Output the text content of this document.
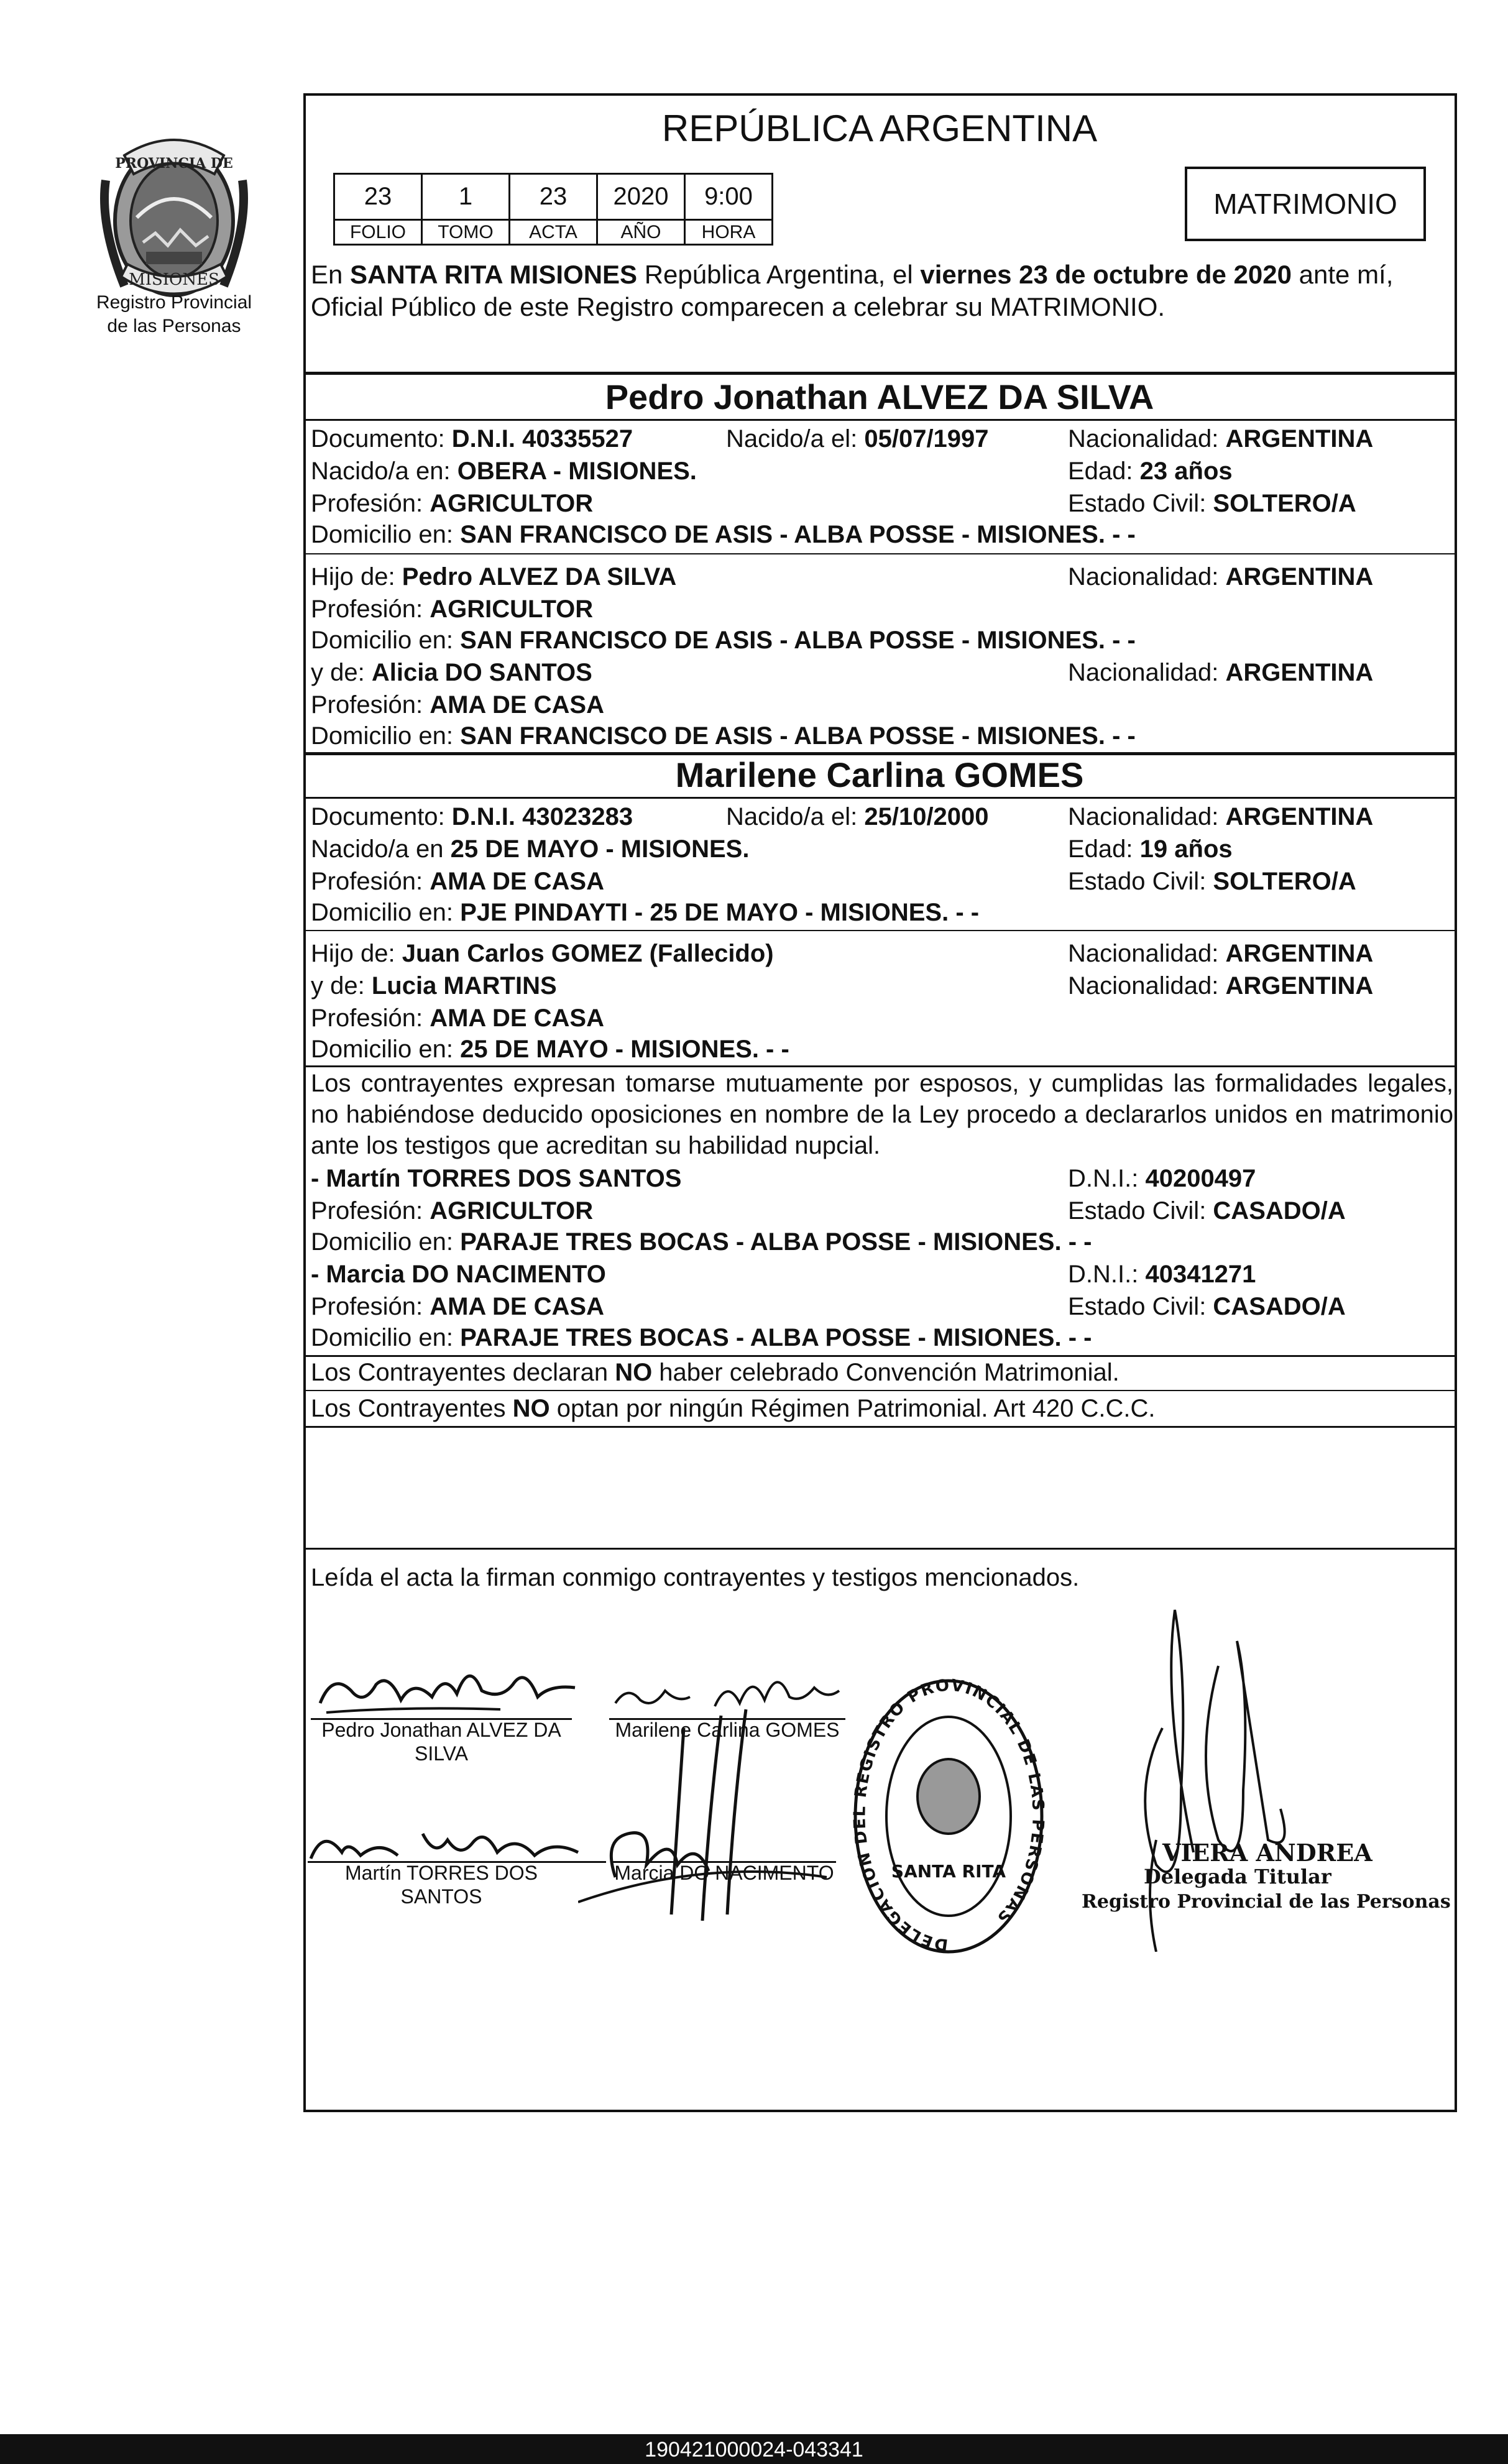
PROVINCIA DE
MISIONES
Registro Provincial
de las Personas
REPÚBLICA ARGENTINA
23	1	23	2020	9:00
FOLIO	TOMO	ACTA	AÑO	HORA
MATRIMONIO
En SANTA RITA MISIONES República Argentina, el viernes 23 de octubre de 2020 ante mí,
Oficial Público de este Registro comparecen a celebrar su MATRIMONIO.
Pedro Jonathan ALVEZ DA SILVA
Documento: D.N.I. 40335527	Nacido/a el: 05/07/1997	Nacionalidad: ARGENTINA
Nacido/a en: OBERA - MISIONES.	Edad: 23 años
Profesión: AGRICULTOR	Estado Civil: SOLTERO/A
Domicilio en: SAN FRANCISCO DE ASIS - ALBA POSSE - MISIONES. - -
Hijo de: Pedro ALVEZ DA SILVA	Nacionalidad: ARGENTINA
Profesión: AGRICULTOR
Domicilio en: SAN FRANCISCO DE ASIS - ALBA POSSE - MISIONES. - -
y de: Alicia DO SANTOS	Nacionalidad: ARGENTINA
Profesión: AMA DE CASA
Domicilio en: SAN FRANCISCO DE ASIS - ALBA POSSE - MISIONES. - -
Marilene Carlina GOMES
Documento: D.N.I. 43023283	Nacido/a el: 25/10/2000	Nacionalidad: ARGENTINA
Nacido/a en 25 DE MAYO - MISIONES.	Edad: 19 años
Profesión: AMA DE CASA	Estado Civil: SOLTERO/A
Domicilio en: PJE PINDAYTI - 25 DE MAYO - MISIONES. - -
Hijo de: Juan Carlos GOMEZ (Fallecido)	Nacionalidad: ARGENTINA
y de: Lucia MARTINS	Nacionalidad: ARGENTINA
Profesión: AMA DE CASA
Domicilio en: 25 DE MAYO - MISIONES. - -
Los contrayentes expresan tomarse mutuamente por esposos, y cumplidas las formalidades legales, no habiéndose deducido oposiciones en nombre de la Ley procedo a declararlos unidos en matrimonio ante los testigos que acreditan su habilidad nupcial.
- Martín TORRES DOS SANTOS	D.N.I.: 40200497
Profesión: AGRICULTOR	Estado Civil: CASADO/A
Domicilio en: PARAJE TRES BOCAS - ALBA POSSE - MISIONES. - -
- Marcia DO NACIMENTO	D.N.I.: 40341271
Profesión: AMA DE CASA	Estado Civil: CASADO/A
Domicilio en: PARAJE TRES BOCAS - ALBA POSSE - MISIONES. - -
Los Contrayentes declaran NO haber celebrado Convención Matrimonial.
Los Contrayentes NO optan por ningún Régimen Patrimonial. Art 420 C.C.C.
Leída el acta la firman conmigo contrayentes y testigos mencionados.
Pedro Jonathan ALVEZ DA
SILVA
Marilene Carlina GOMES
Martín TORRES DOS
SANTOS
Marcia DO NACIMENTO
DELEGACION DEL REGISTRO PROVINCIAL DE LAS PERSONAS
SANTA RITA
VIERA ANDREA
Delegada Titular
Registro Provincial de las Personas
190421000024-043341
